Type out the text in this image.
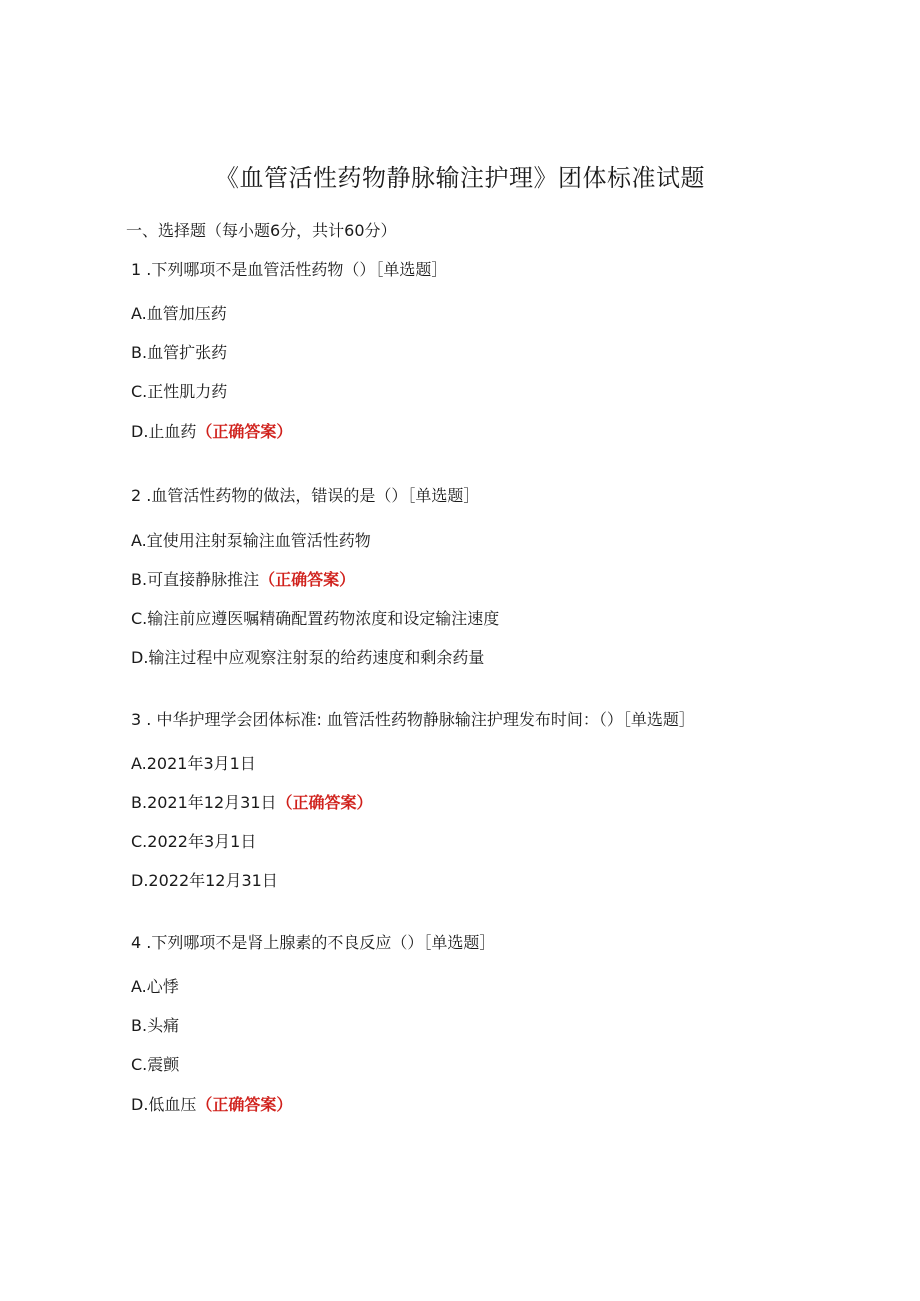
《血管活性药物静脉输注护理》团体标准试题
一、选择题（每小题6分，共计60分）
1 .下列哪项不是血管活性药物（）［单选题］
A.血管加压药
B.血管扩张药
C.正性肌力药
D.止血药（正确答案）
2 .血管活性药物的做法，错误的是（）［单选题］
A.宜使用注射泵输注血管活性药物
B.可直接静脉推注（正确答案）
C.输注前应遵医嘱精确配置药物浓度和设定输注速度
D.输注过程中应观察注射泵的给药速度和剩余药量
3 . 中华护理学会团体标准: 血管活性药物静脉输注护理发布时间：（）［单选题］
A.2021年3月1日
B.2021年12月31日（正确答案）
C.2022年3月1日
D.2022年12月31日
4 .下列哪项不是肾上腺素的不良反应（）［单选题］
A.心悸
B.头痛
C.震颤
D.低血压（正确答案）
